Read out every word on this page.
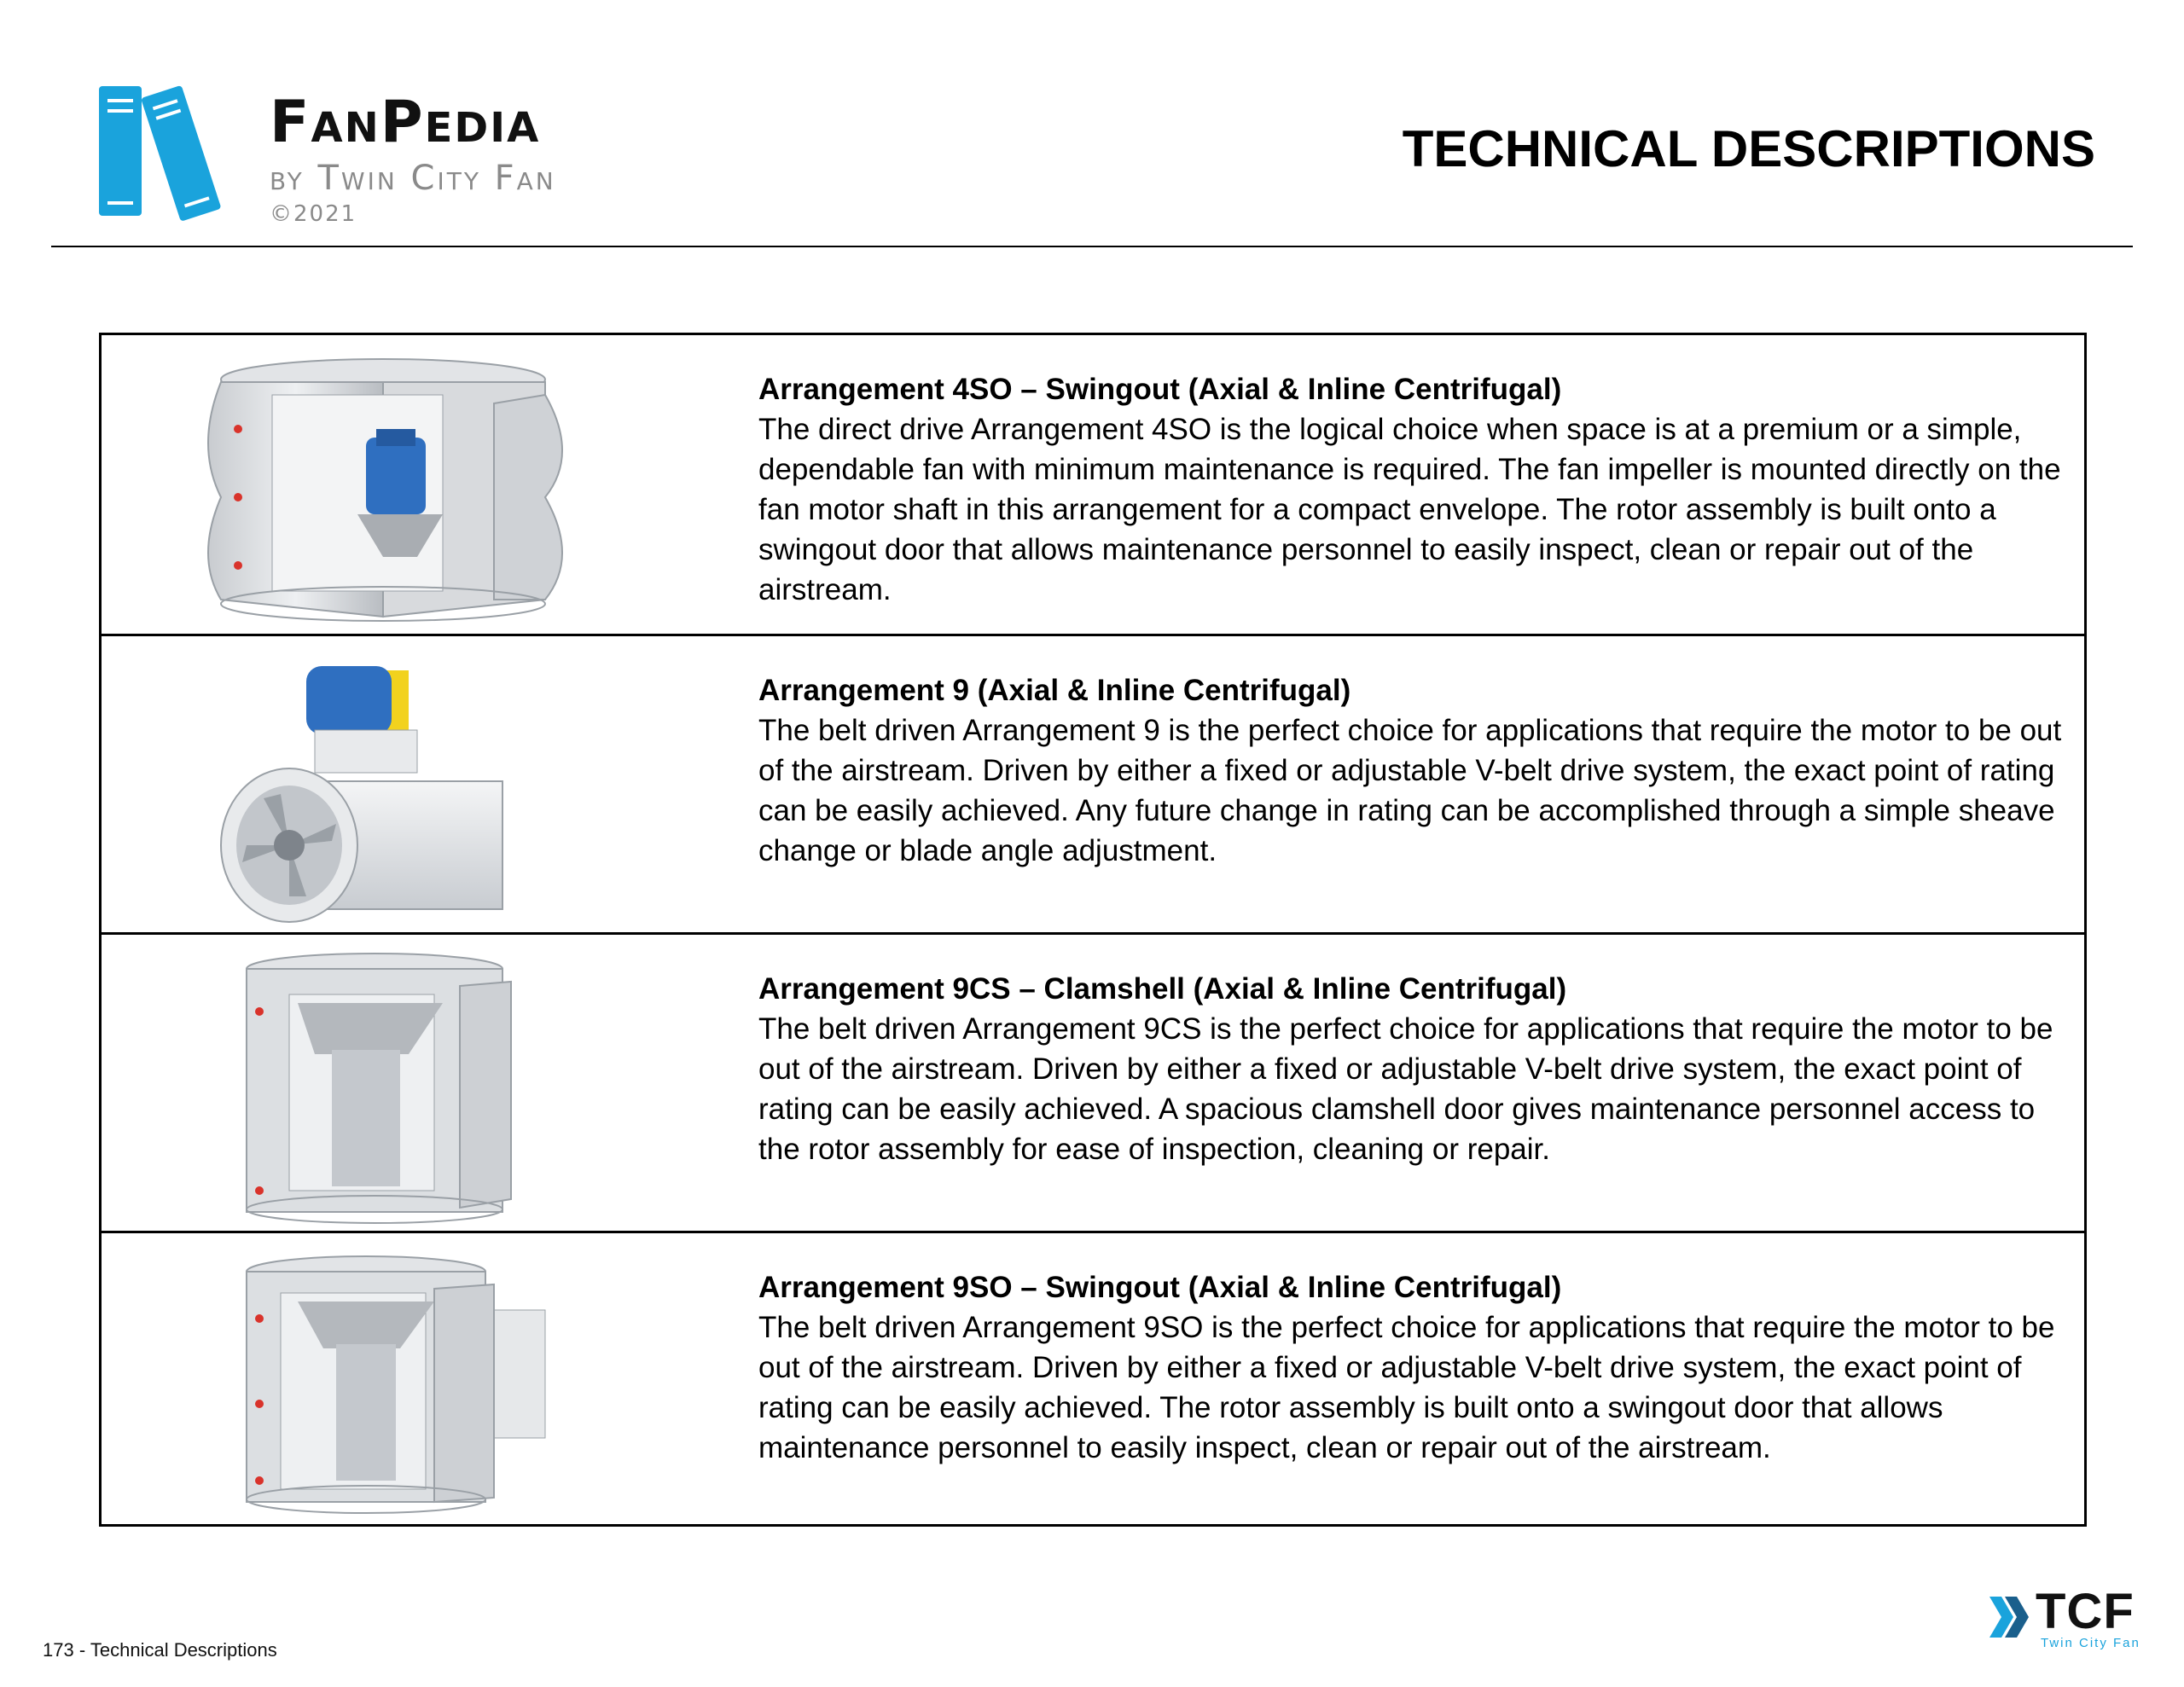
FanPedia
by Twin City Fan
©2021
TECHNICAL DESCRIPTIONS
Arrangement 4SO – Swingout (Axial & Inline Centrifugal)
The direct drive Arrangement 4SO is the logical choice when space is at a premium or a simple, dependable fan with minimum maintenance is required. The fan impeller is mounted directly on the fan motor shaft in this arrangement for a compact envelope. The rotor assembly is built onto a swingout door that allows maintenance personnel to easily inspect, clean or repair out of the airstream.
Arrangement 9 (Axial & Inline Centrifugal)
The belt driven Arrangement 9 is the perfect choice for applications that require the motor to be out of the airstream. Driven by either a fixed or adjustable V-belt drive system, the exact point of rating can be easily achieved. Any future change in rating can be accomplished through a simple sheave change or blade angle adjustment.
Arrangement 9CS – Clamshell (Axial & Inline Centrifugal)
The belt driven Arrangement 9CS is the perfect choice for applications that require the motor to be out of the airstream. Driven by either a fixed or adjustable V-belt drive system, the exact point of rating can be easily achieved. A spacious clamshell door gives maintenance personnel access to the rotor assembly for ease of inspection, cleaning or repair.
Arrangement 9SO – Swingout (Axial & Inline Centrifugal)
The belt driven Arrangement 9SO is the perfect choice for applications that require the motor to be out of the airstream. Driven by either a fixed or adjustable V-belt drive system, the exact point of rating can be easily achieved. The rotor assembly is built onto a swingout door that allows maintenance personnel to easily inspect, clean or repair out of the airstream.
173 - Technical Descriptions
TCF
Twin City Fan
